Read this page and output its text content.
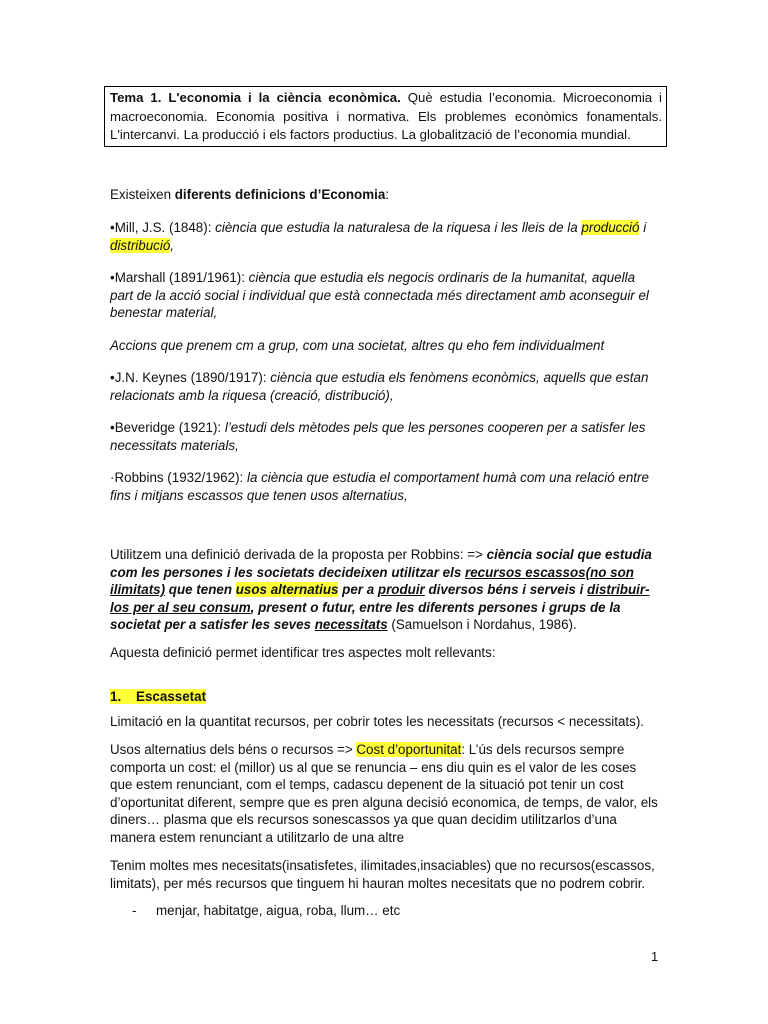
Tema 1. L'economia i la ciència econòmica. Què estudia l’economia. Microeconomia i macroeconomia. Economia positiva i normativa. Els problemes econòmics fonamentals. L'intercanvi. La producció i els factors productius. La globalització de l’economia mundial.

Existeixen diferents definicions d’Economia:

•Mill, J.S. (1848): ciència que estudia la naturalesa de la riquesa i les lleis de la producció i distribució,

•Marshall (1891/1961): ciència que estudia els negocis ordinaris de la humanitat, aquella part de la acció social i individual que està connectada més directament amb aconseguir el benestar material,

Accions que prenem cm a grup, com una societat, altres qu eho fem individualment

•J.N. Keynes (1890/1917): ciència que estudia els fenòmens econòmics, aquells que estan relacionats amb la riquesa (creació, distribució),

•Beveridge (1921): l’estudi dels mètodes pels que les persones cooperen per a satisfer les necessitats materials,

·Robbins (1932/1962): la ciència que estudia el comportament humà com una relació entre fins i mitjans escassos que tenen usos alternatius,

Utilitzem una definició derivada de la proposta per Robbins: => ciència social que estudia com les persones i les societats decideixen utilitzar els recursos escassos(no son ilimitats) que tenen usos alternatius per a produir diversos béns i serveis i distribuir-los per al seu consum, present o futur, entre les diferents persones i grups de la societat per a satisfer les seves necessitats (Samuelson i Nordahus, 1986).

Aquesta definició permet identificar tres aspectes molt rellevants:

1.    Escassetat

Limitació en la quantitat recursos, per cobrir totes les necessitats (recursos < necessitats).

Usos alternatius dels béns o recursos => Cost d’oportunitat: L’ús dels recursos sempre comporta un cost: el (millor) us al que se renuncia – ens diu quin es el valor de les coses que estem renunciant, com el temps, cadascu depenent de la situació pot tenir un cost d’oportunitat diferent, sempre que es pren alguna decisió economica, de temps, de valor, els diners… plasma que els recursos sonescassos ya que quan decidim utilitzarlos d’una manera estem renunciant a utilitzarlo de una altre

Tenim moltes mes necesitats(insatisfetes, ilimitades,insaciables) que no recursos(escassos, limitats), per més recursos que tinguem hi hauran moltes necesitats que no podrem cobrir.

- menjar, habitatge, aigua, roba, llum… etc

1
